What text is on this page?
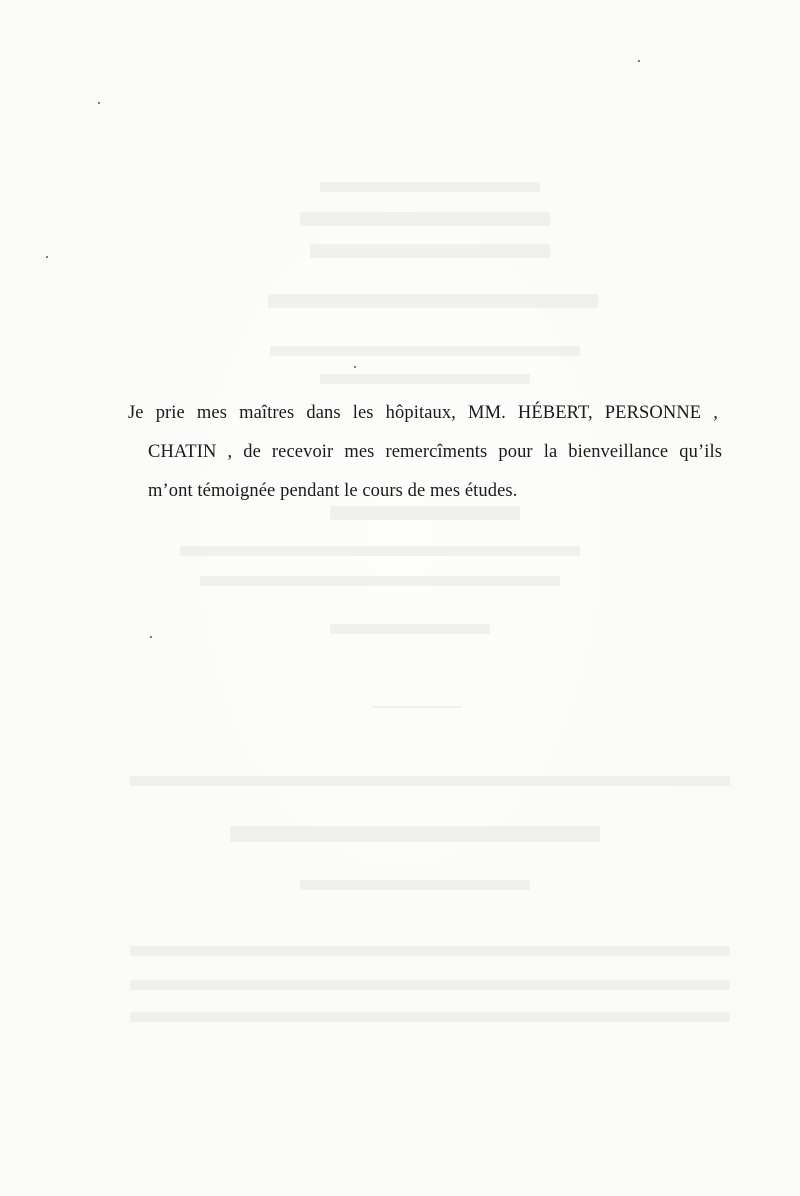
Je prie mes maîtres dans les hôpitaux, MM. HÉBERT, PERSONNE ,
CHATIN , de recevoir mes remercîments pour la bienveillance qu’ils
m’ont témoignée pendant le cours de mes études.
